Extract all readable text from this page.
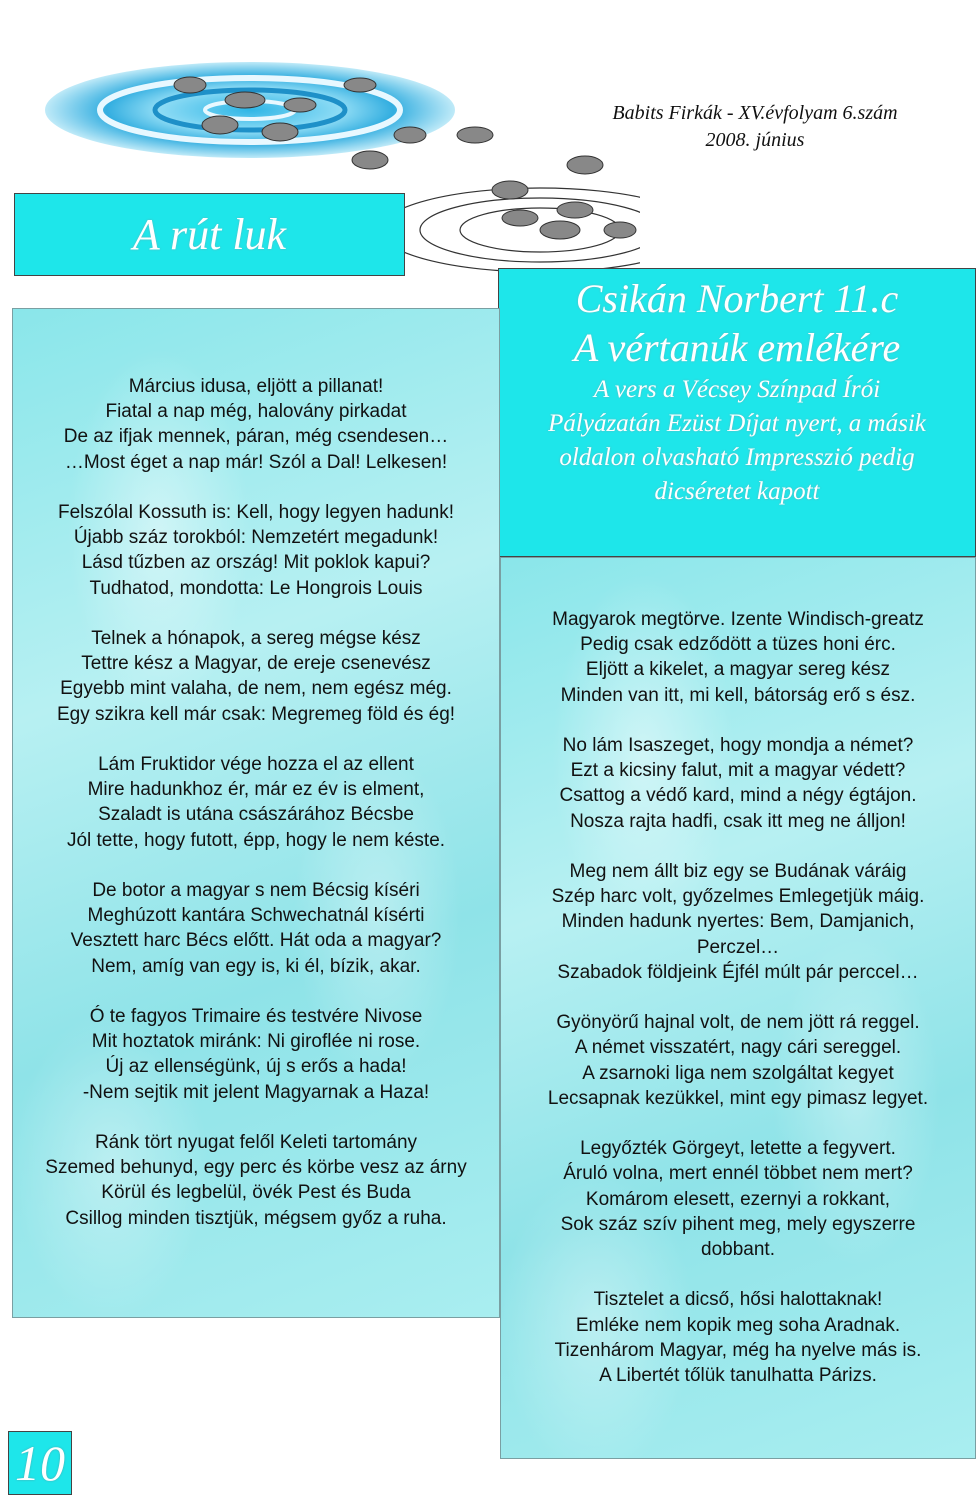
Babits Firkák - XV.évfolyam 6.szám
2008. június
A rút luk
Csikán Norbert 11.c
A vértanúk emlékére
A vers a Vécsey Színpad Írói
Pályázatán Ezüst Díjat nyert, a másik
oldalon olvasható Impresszió pedig
dicséretet kapott
Március idusa, eljött a pillanat!
Fiatal a nap még, halovány pirkadat
De az ifjak mennek, páran, még csendesen…
…Most éget a nap már! Szól a Dal! Lelkesen!
Felszólal Kossuth is: Kell, hogy legyen hadunk!
Újabb száz torokból: Nemzetért megadunk!
Lásd tűzben az ország! Mit poklok kapui?
Tudhatod, mondotta: Le Hongrois Louis
Telnek a hónapok, a sereg mégse kész
Tettre kész a Magyar, de ereje csenevész
Egyebb mint valaha, de nem, nem egész még.
Egy szikra kell már csak: Megremeg föld és ég!
Lám Fruktidor vége hozza el az ellent
Mire hadunkhoz ér, már ez év is elment,
Szaladt is utána császárához Bécsbe
Jól tette, hogy futott, épp, hogy le nem késte.
De botor a magyar s nem Bécsig kíséri
Meghúzott kantára Schwechatnál kísérti
Vesztett harc Bécs előtt. Hát oda a magyar?
Nem, amíg van egy is, ki él, bízik, akar.
Ó te fagyos Trimaire és testvére Nivose
Mit hoztatok miránk: Ni giroflée ni rose.
Új az ellenségünk, új s erős a hada!
-Nem sejtik mit jelent Magyarnak a Haza!
Ránk tört nyugat felől Keleti tartomány
Szemed behunyd, egy perc és körbe vesz az árny
Körül és legbelül, övék Pest és Buda
Csillog minden tisztjük, mégsem győz a ruha.
Magyarok megtörve. Izente Windisch-greatz
Pedig csak edződött a tüzes honi érc.
Eljött a kikelet, a magyar sereg kész
Minden van itt, mi kell, bátorság erő s ész.
No lám Isaszeget, hogy mondja a német?
Ezt a kicsiny falut, mit a magyar védett?
Csattog a védő kard, mind a négy égtájon.
Nosza rajta hadfi, csak itt meg ne álljon!
Meg nem állt biz egy se Budának váráig
Szép harc volt, győzelmes Emlegetjük máig.
Minden hadunk nyertes: Bem, Damjanich,
Perczel…
Szabadok földjeink Éjfél múlt pár perccel…
Gyönyörű hajnal volt, de nem jött rá reggel.
A német visszatért, nagy cári sereggel.
A zsarnoki liga nem szolgáltat kegyet
Lecsapnak kezükkel, mint egy pimasz legyet.
Legyőzték Görgeyt, letette a fegyvert.
Áruló volna, mert ennél többet nem mert?
Komárom elesett, ezernyi a rokkant,
Sok száz szív pihent meg, mely egyszerre
dobbant.
Tisztelet a dicső, hősi halottaknak!
Emléke nem kopik meg soha Aradnak.
Tizenhárom Magyar, még ha nyelve más is.
A Libertét tőlük tanulhatta Párizs.
10
